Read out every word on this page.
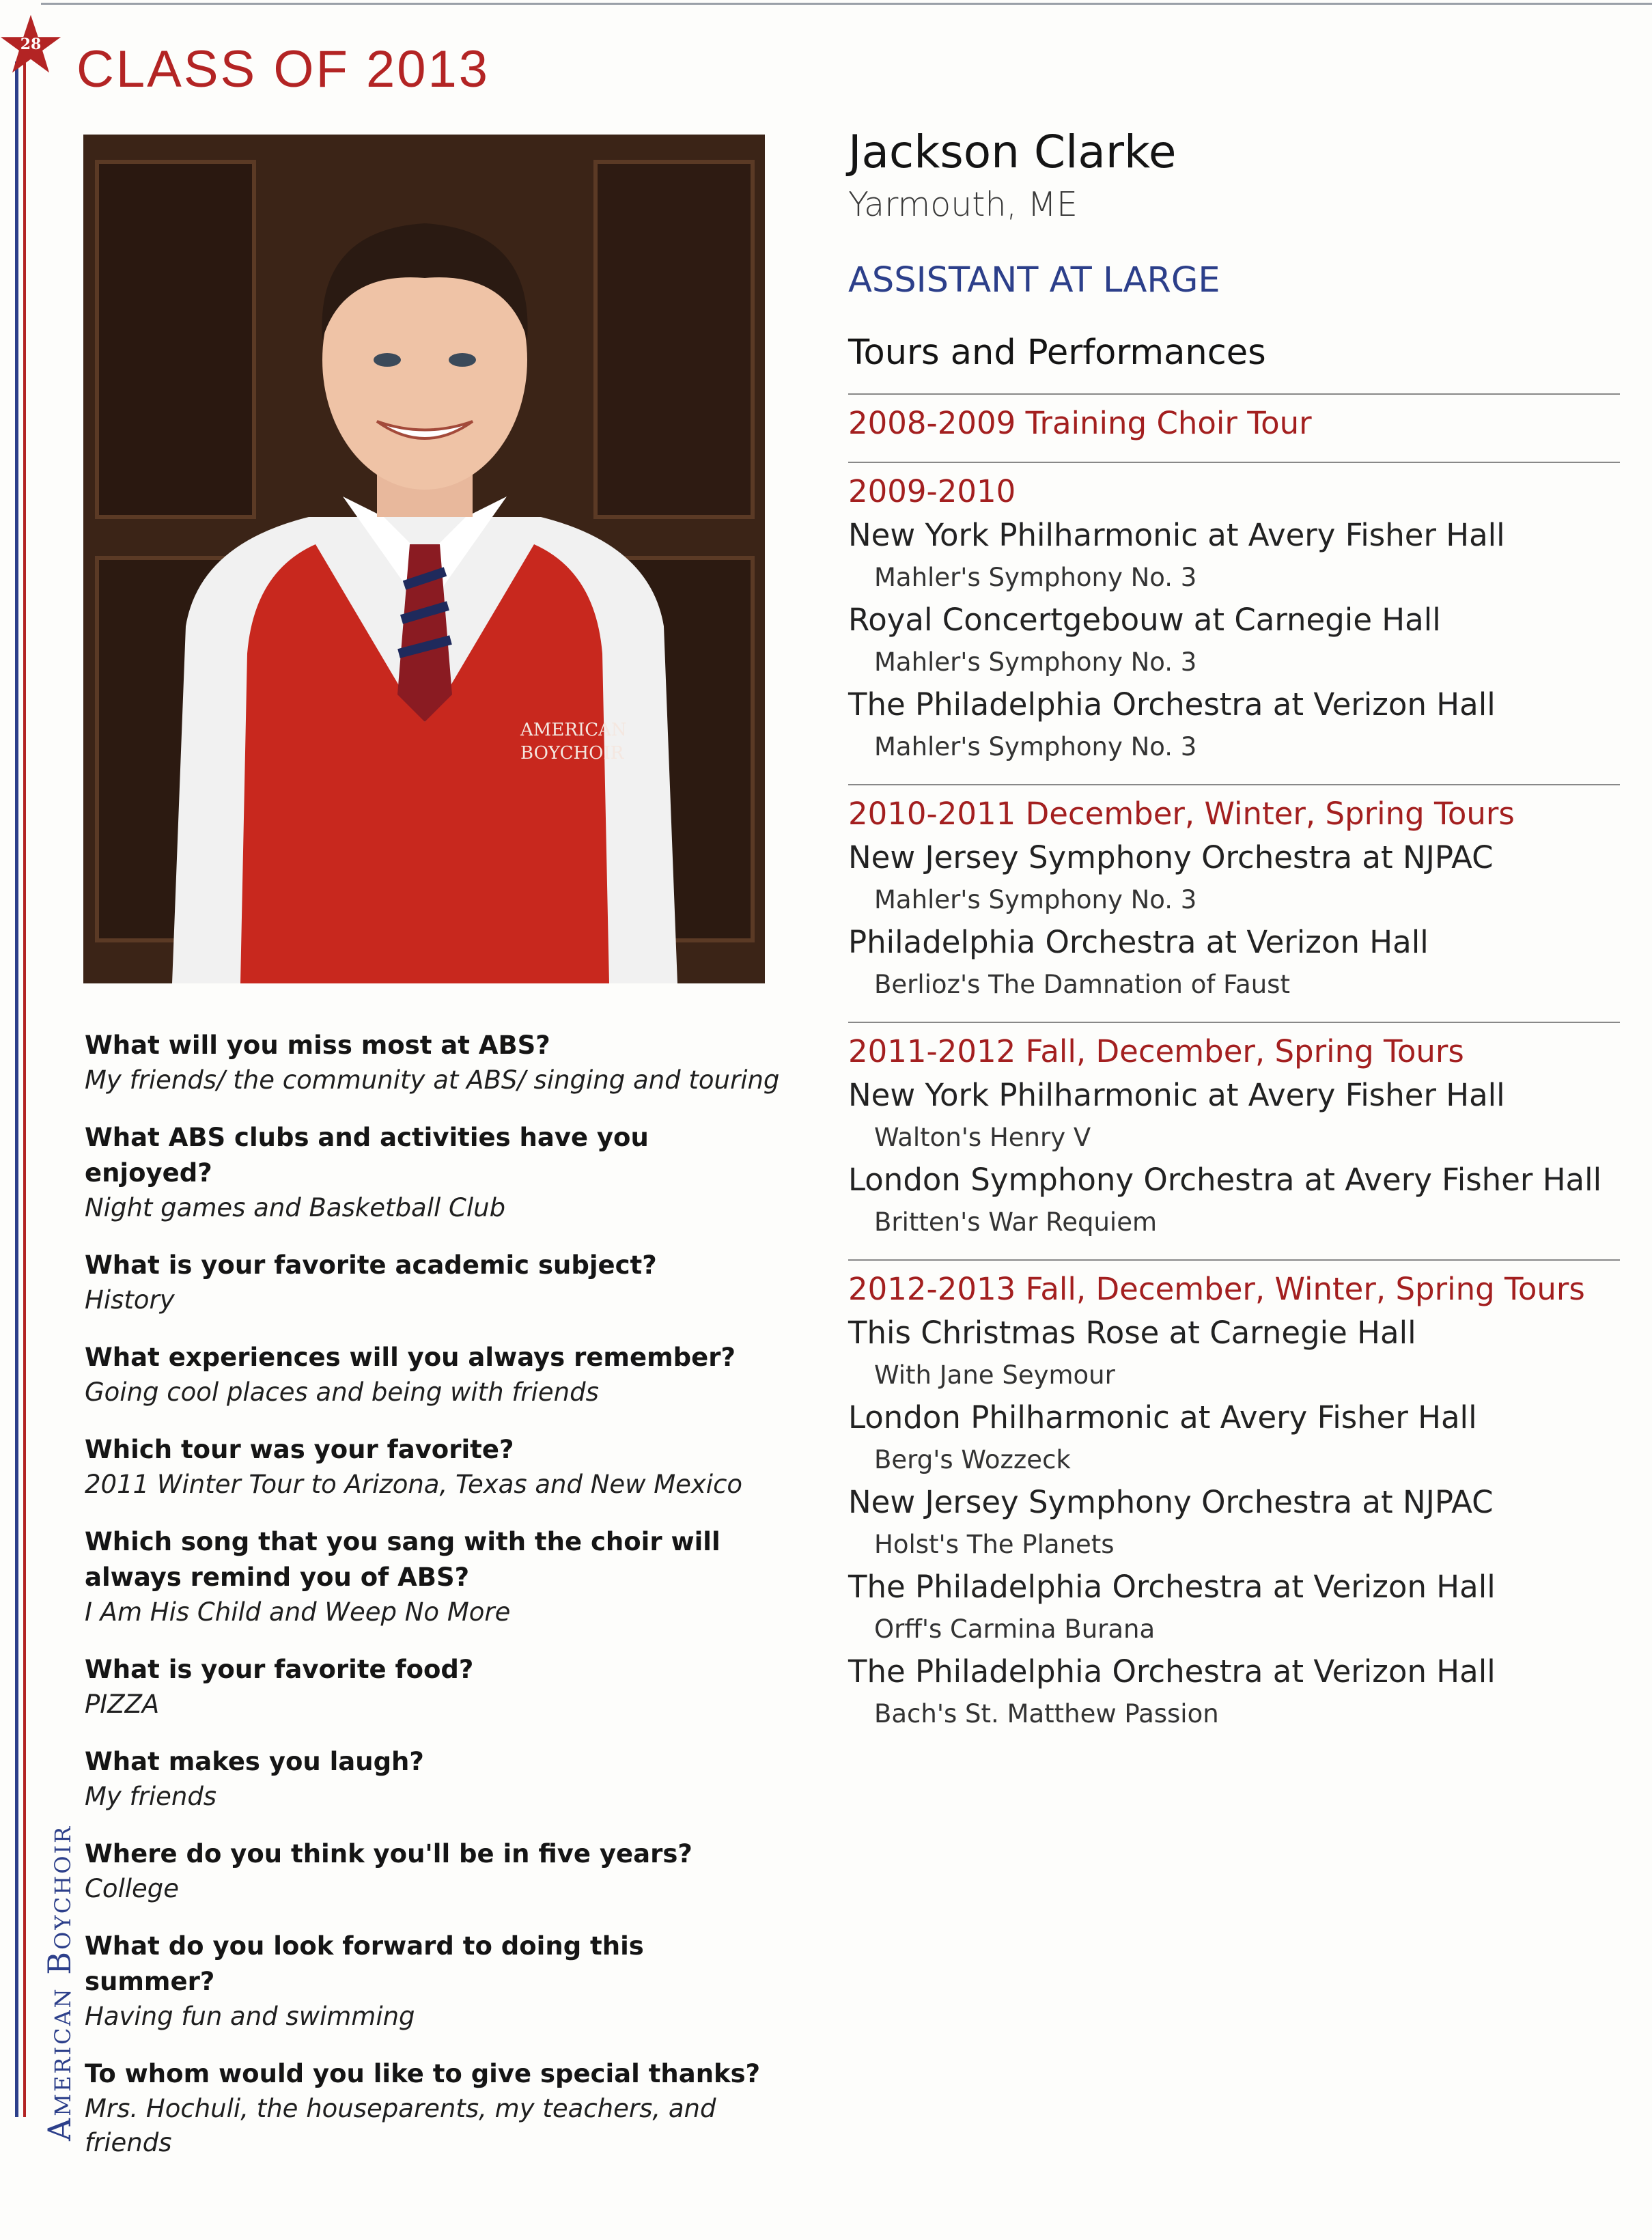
28 CLASS OF 2013
AMERICAN
BOYCHOIR
What will you miss most at ABS?
My friends/ the community at ABS/ singing and touring
What ABS clubs and activities have you enjoyed?
Night games and Basketball Club
What is your favorite academic subject?
History
What experiences will you always remember?
Going cool places and being with friends
Which tour was your favorite?
2011 Winter Tour to Arizona, Texas and New Mexico
Which song that you sang with the choir will always remind you of ABS?
I Am His Child and Weep No More
What is your favorite food?
PIZZA
What makes you laugh?
My friends
Where do you think you'll be in five years?
College
What do you look forward to doing this summer?
Having fun and swimming
To whom would you like to give special thanks?
Mrs. Hochuli, the houseparents, my teachers, and friends
Jackson Clarke
Yarmouth, ME
ASSISTANT AT LARGE
Tours and Performances
2008-2009 Training Choir Tour
2009-2010
New York Philharmonic at Avery Fisher Hall
Mahler's Symphony No. 3
Royal Concertgebouw at Carnegie Hall
Mahler's Symphony No. 3
The Philadelphia Orchestra at Verizon Hall
Mahler's Symphony No. 3
2010-2011 December, Winter, Spring Tours
New Jersey Symphony Orchestra at NJPAC
Mahler's Symphony No. 3
Philadelphia Orchestra at Verizon Hall
Berlioz's The Damnation of Faust
2011-2012 Fall, December, Spring Tours
New York Philharmonic at Avery Fisher Hall
Walton's Henry V
London Symphony Orchestra at Avery Fisher Hall
Britten's War Requiem
2012-2013 Fall, December, Winter, Spring Tours
This Christmas Rose at Carnegie Hall
With Jane Seymour
London Philharmonic at Avery Fisher Hall
Berg's Wozzeck
New Jersey Symphony Orchestra at NJPAC
Holst's The Planets
The Philadelphia Orchestra at Verizon Hall
Orff's Carmina Burana
The Philadelphia Orchestra at Verizon Hall
Bach's St. Matthew Passion
American Boychoir
